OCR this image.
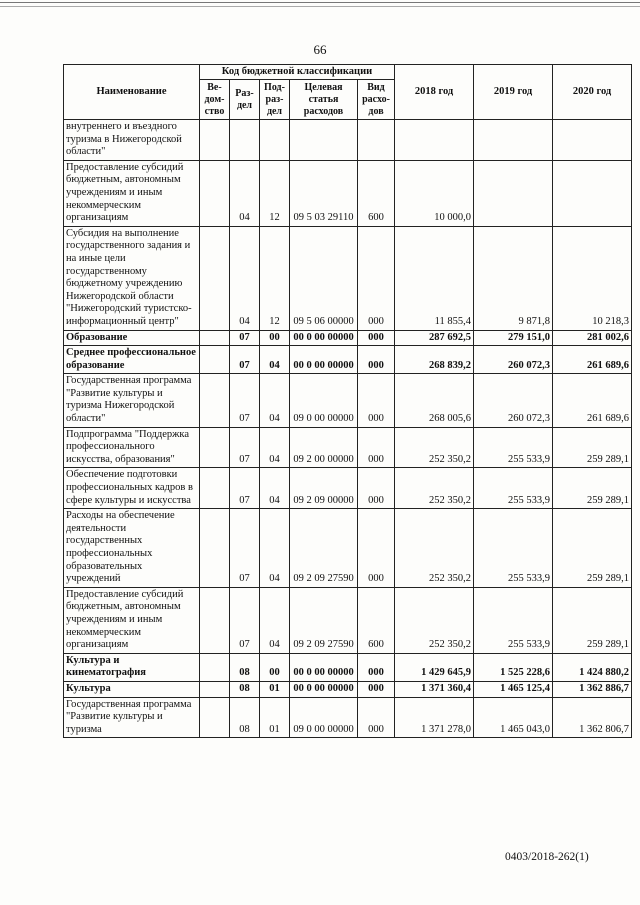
66
Наименование	Код бюджетной классификации					2018 год	2019 год	2020 год
	Ве-дом-ство	Раз-дел	Под-раз-дел	Целевая статья расходов	Вид расхо-дов			
внутреннего и въездного туризма в Нижегородской области"								
Предоставление субсидий бюджетным, автономным учреждениям и иным некоммерческим организациям		04	12	09 5 03 29110	600	10 000,0		
Субсидия на выполнение государственного задания и на иные цели государственному бюджетному учреждению Нижегородской области "Нижегородский туристско-информационный центр"		04	12	09 5 06 00000	000	11 855,4	9 871,8	10 218,3
Образование		07	00	00 0 00 00000	000	287 692,5	279 151,0	281 002,6
Среднее профессиональное образование		07	04	00 0 00 00000	000	268 839,2	260 072,3	261 689,6
Государственная программа "Развитие культуры и туризма Нижегородской области"		07	04	09 0 00 00000	000	268 005,6	260 072,3	261 689,6
Подпрограмма "Поддержка профессионального искусства, образования"		07	04	09 2 00 00000	000	252 350,2	255 533,9	259 289,1
Обеспечение подготовки профессиональных кадров в сфере культуры и искусства		07	04	09 2 09 00000	000	252 350,2	255 533,9	259 289,1
Расходы на обеспечение деятельности государственных профессиональных образовательных учреждений		07	04	09 2 09 27590	000	252 350,2	255 533,9	259 289,1
Предоставление субсидий бюджетным, автономным учреждениям и иным некоммерческим организациям		07	04	09 2 09 27590	600	252 350,2	255 533,9	259 289,1
Культура и кинематография		08	00	00 0 00 00000	000	1 429 645,9	1 525 228,6	1 424 880,2
Культура		08	01	00 0 00 00000	000	1 371 360,4	1 465 125,4	1 362 886,7
Государственная программа "Развитие культуры и туризма		08	01	09 0 00 00000	000	1 371 278,0	1 465 043,0	1 362 806,7
0403/2018-262(1)
